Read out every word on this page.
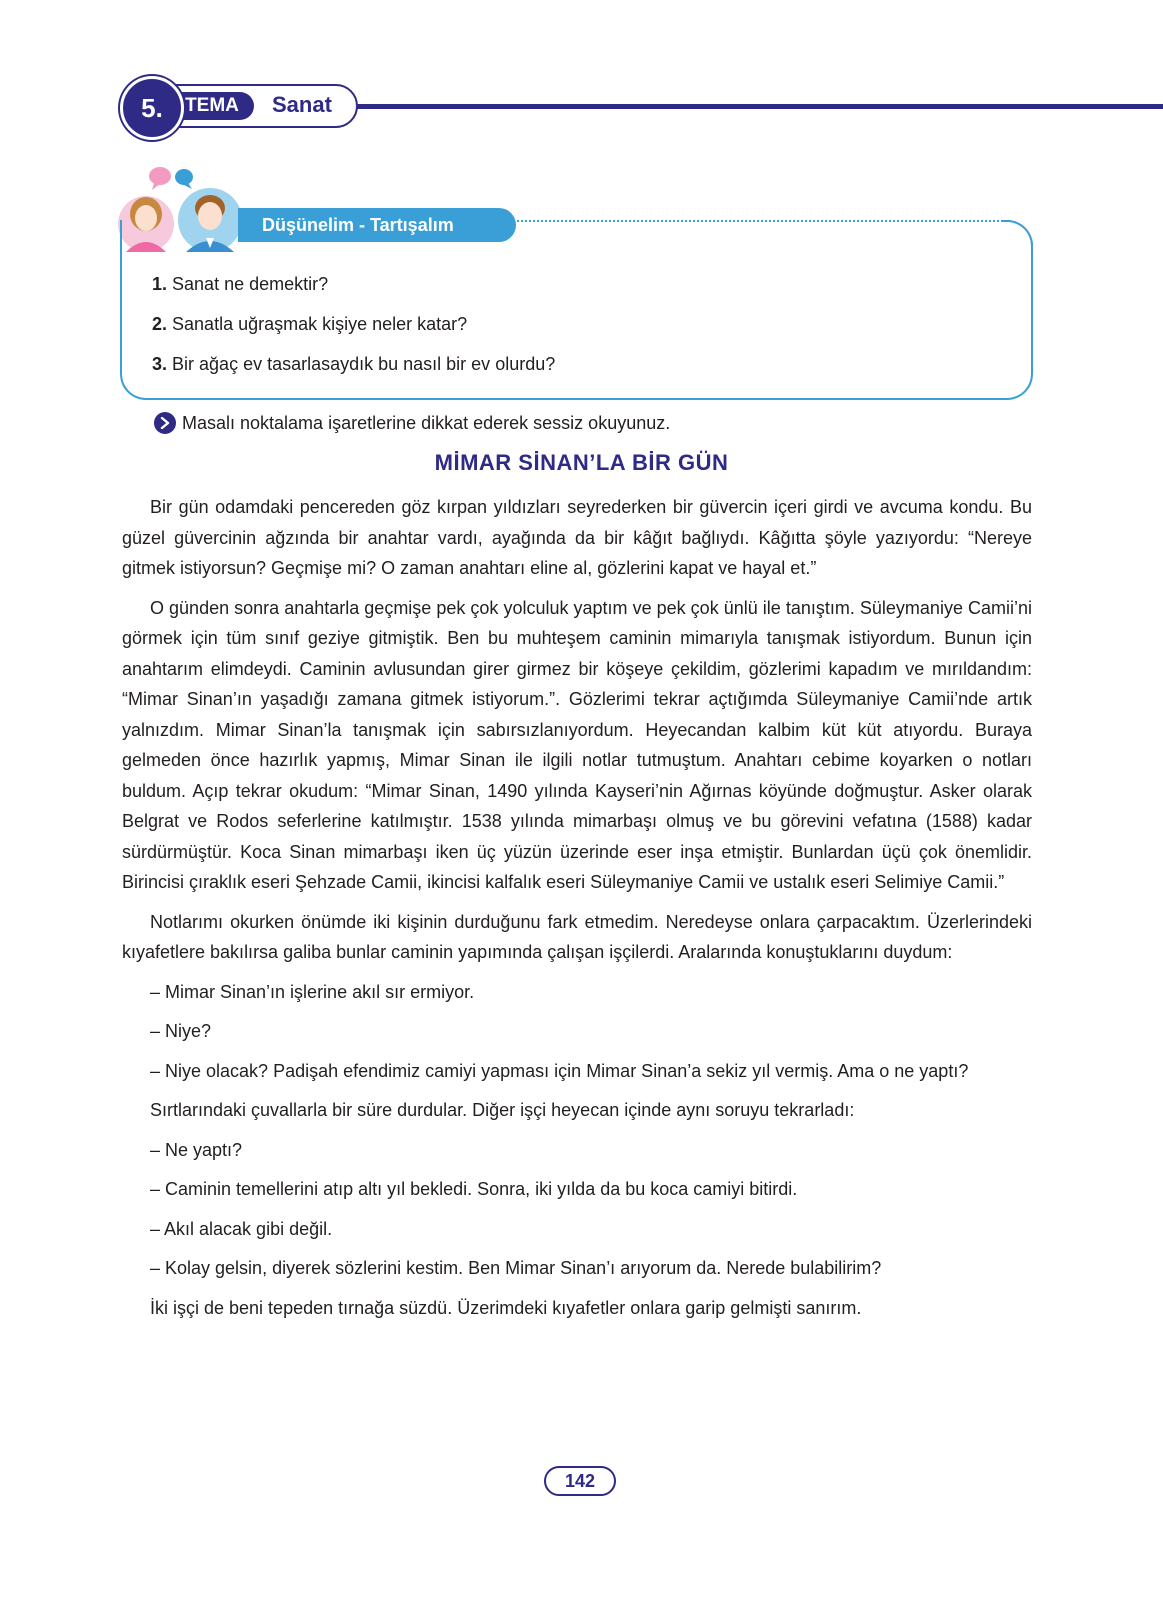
TEMA
5.	Sanat
Düşünelim - Tartışalım
1. Sanat ne demektir?
2. Sanatla uğraşmak kişiye neler katar?
3. Bir ağaç ev tasarlasaydık bu nasıl bir ev olurdu?
Masalı noktalama işaretlerine dikkat ederek sessiz okuyunuz.
MİMAR SİNAN’LA BİR GÜN

Bir gün odamdaki pencereden göz kırpan yıldızları seyrederken bir güvercin içeri girdi ve avcuma kondu. Bu güzel güvercinin ağzında bir anahtar vardı, ayağında da bir kâğıt bağlıydı. Kâğıtta şöyle yazıyordu: “Nereye gitmek istiyorsun? Geçmişe mi? O zaman anahtarı eline al, gözlerini kapat ve hayal et.”

O günden sonra anahtarla geçmişe pek çok yolculuk yaptım ve pek çok ünlü ile tanıştım. Süleymaniye Camii’ni görmek için tüm sınıf geziye gitmiştik. Ben bu muhteşem caminin mimarıyla tanışmak istiyordum. Bunun için anahtarım elimdeydi. Caminin avlusundan girer girmez bir köşeye çekildim, gözlerimi kapadım ve mırıldandım: “Mimar Sinan’ın yaşadığı zamana gitmek istiyorum.”. Gözlerimi tekrar açtığımda Süleymaniye Camii’nde artık yalnızdım. Mimar Sinan’la tanışmak için sabırsızlanıyordum. Heyecandan kalbim küt küt atıyordu. Buraya gelmeden önce hazırlık yapmış, Mimar Sinan ile ilgili notlar tutmuştum. Anahtarı cebime koyarken o notları buldum. Açıp tekrar okudum: “Mimar Sinan, 1490 yılında Kayseri’nin Ağırnas köyünde doğmuştur. Asker olarak Belgrat ve Rodos seferlerine katılmıştır. 1538 yılında mimarbaşı olmuş ve bu görevini vefatına (1588) kadar sürdürmüştür. Koca Sinan mimarbaşı iken üç yüzün üzerinde eser inşa etmiştir. Bunlardan üçü çok önemlidir. Birincisi çıraklık eseri Şehzade Camii, ikincisi kalfalık eseri Süleymaniye Camii ve ustalık eseri Selimiye Camii.”

Notlarımı okurken önümde iki kişinin durduğunu fark etmedim. Neredeyse onlara çarpacaktım. Üzerlerindeki kıyafetlere bakılırsa galiba bunlar caminin yapımında çalışan işçilerdi. Aralarında konuştuklarını duydum:

– Mimar Sinan’ın işlerine akıl sır ermiyor.

– Niye?

– Niye olacak? Padişah efendimiz camiyi yapması için Mimar Sinan’a sekiz yıl vermiş. Ama o ne yaptı?

Sırtlarındaki çuvallarla bir süre durdular. Diğer işçi heyecan içinde aynı soruyu tekrarladı:

– Ne yaptı?

– Caminin temellerini atıp altı yıl bekledi. Sonra, iki yılda da bu koca camiyi bitirdi.

– Akıl alacak gibi değil.

– Kolay gelsin, diyerek sözlerini kestim. Ben Mimar Sinan’ı arıyorum da. Nerede bulabilirim?

İki işçi de beni tepeden tırnağa süzdü. Üzerimdeki kıyafetler onlara garip gelmişti sanırım.

142
